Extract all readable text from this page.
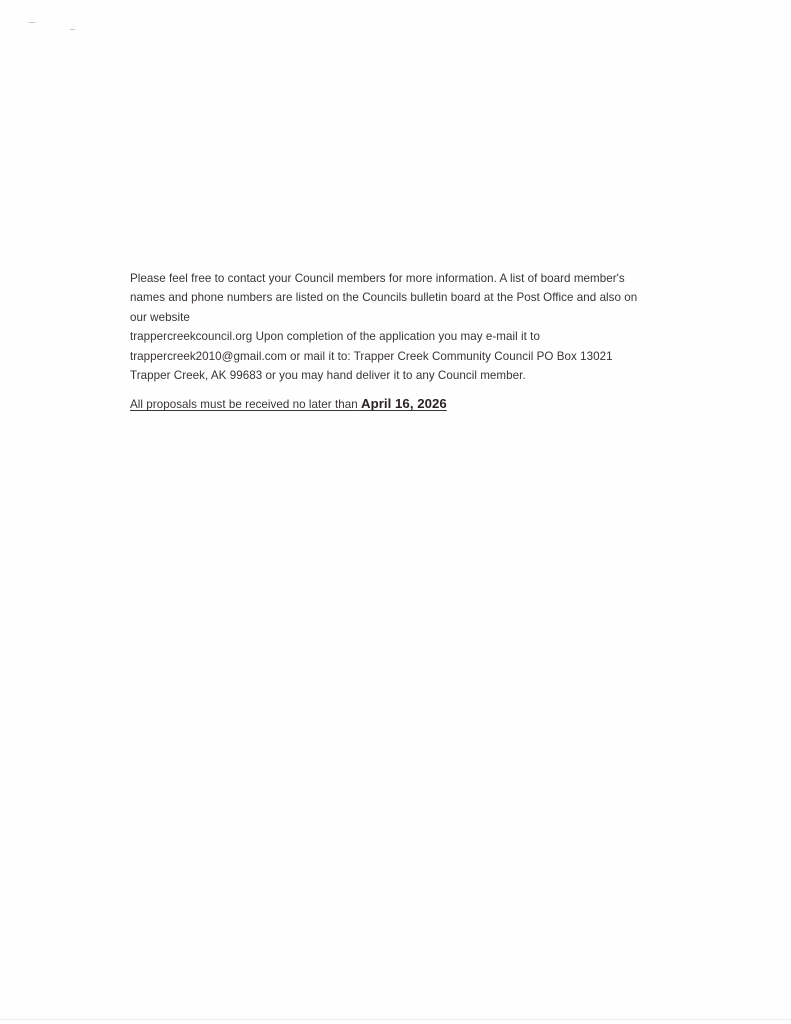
Please feel free to contact your Council members for more information. A list of board member's
names and phone numbers are listed on the Councils bulletin board at the Post Office and also on
our website
trappercreekcouncil.org Upon completion of the application you may e-mail it to
trappercreek2010@gmail.com or mail it to: Trapper Creek Community Council PO Box 13021
Trapper Creek, AK 99683 or you may hand deliver it to any Council member.

All proposals must be received no later than April 16, 2026
